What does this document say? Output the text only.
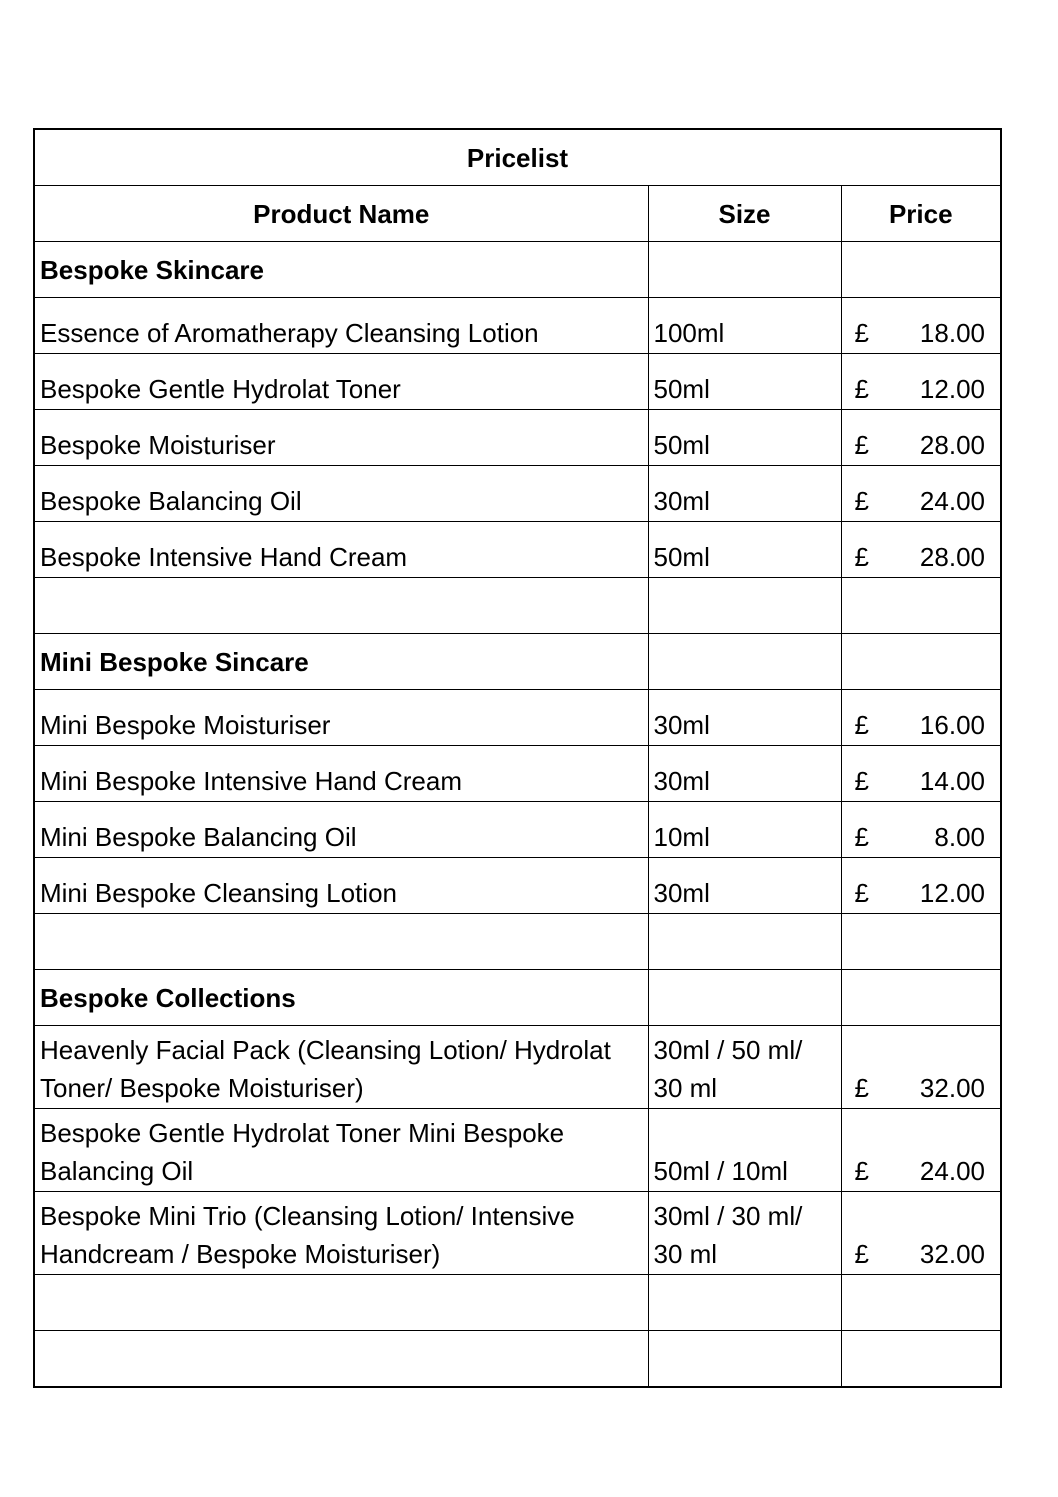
Pricelist		
Product Name	Size	Price
Bespoke Skincare		

Essence of Aromatherapy Cleansing Lotion	100ml	£ 18.00

Bespoke Gentle Hydrolat Toner	50ml	£ 12.00

Bespoke Moisturiser	50ml	£ 28.00

Bespoke Balancing Oil	30ml	£ 24.00

Bespoke Intensive Hand Cream	50ml	£ 28.00

Mini Bespoke Sincare		

Mini Bespoke Moisturiser	30ml	£ 16.00

Mini Bespoke Intensive Hand Cream	30ml	£ 14.00

Mini Bespoke Balancing Oil	10ml	£ 8.00

Mini Bespoke Cleansing Lotion	30ml	£ 12.00

Bespoke Collections		

Heavenly Facial Pack (Cleansing Lotion/ Hydrolat
Toner/ Bespoke Moisturiser)	30ml / 50 ml/
30 ml	£ 32.00

Bespoke Gentle Hydrolat Toner Mini Bespoke
Balancing Oil	50ml / 10ml	£ 24.00

Bespoke Mini Trio (Cleansing Lotion/ Intensive
Handcream / Bespoke Moisturiser)	30ml / 30 ml/
30 ml	£ 32.00
